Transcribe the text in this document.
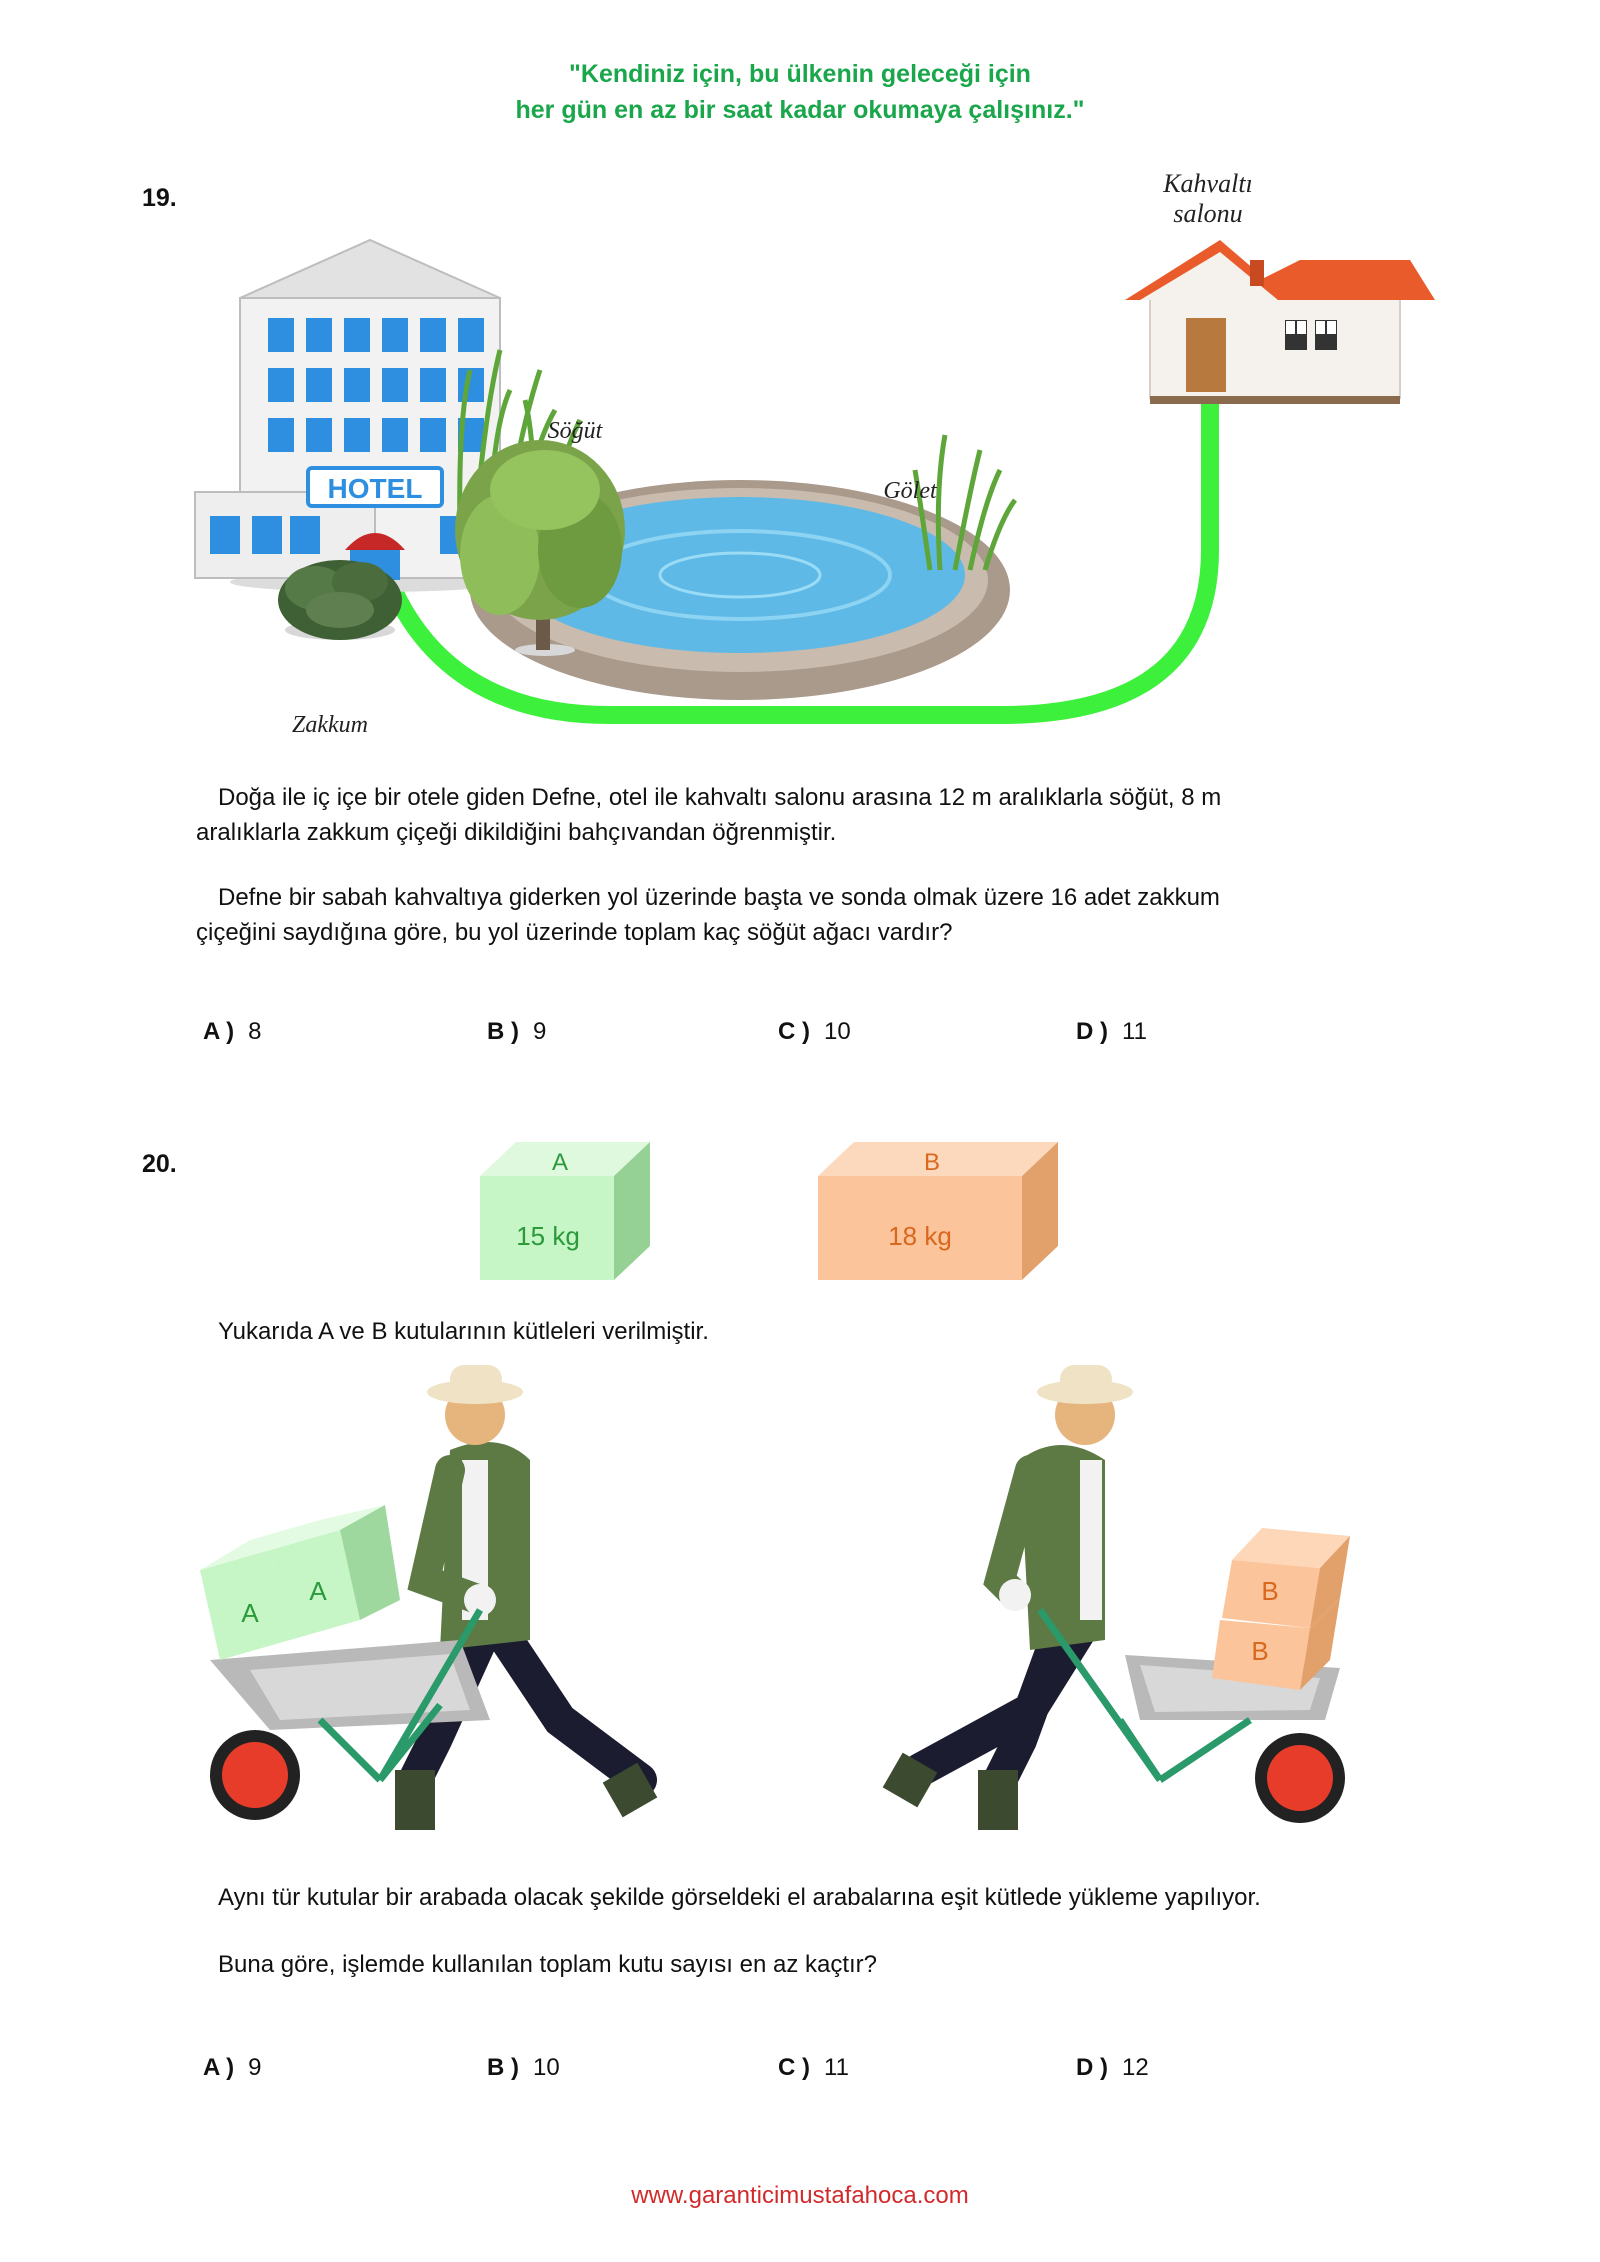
"Kendiniz için, bu ülkenin geleceği için
her gün en az bir saat kadar okumaya çalışınız."
19.
HOTEL
Zakkum
Gölet
Söğüt
Kahvaltı
salonu
Doğa ile iç içe bir otele giden Defne, otel ile kahvaltı salonu arasına 12 m aralıklarla söğüt, 8 m
aralıklarla zakkum çiçeği dikildiğini bahçıvandan öğrenmiştir.
Defne bir sabah kahvaltıya giderken yol üzerinde başta ve sonda olmak üzere 16 adet zakkum
çiçeğini saydığına göre, bu yol üzerinde toplam kaç söğüt ağacı vardır?
A ) 8	B ) 9	C ) 10	D ) 11
20.	A
15 kg
B
18 kg
Yukarıda A ve B kutularının kütleleri verilmiştir.
A
A	B
B
Aynı tür kutular bir arabada olacak şekilde görseldeki el arabalarına eşit kütlede yükleme yapılıyor.
Buna göre, işlemde kullanılan toplam kutu sayısı en az kaçtır?
A ) 9	B ) 10	C ) 11	D ) 12
www.garanticimustafahoca.com
